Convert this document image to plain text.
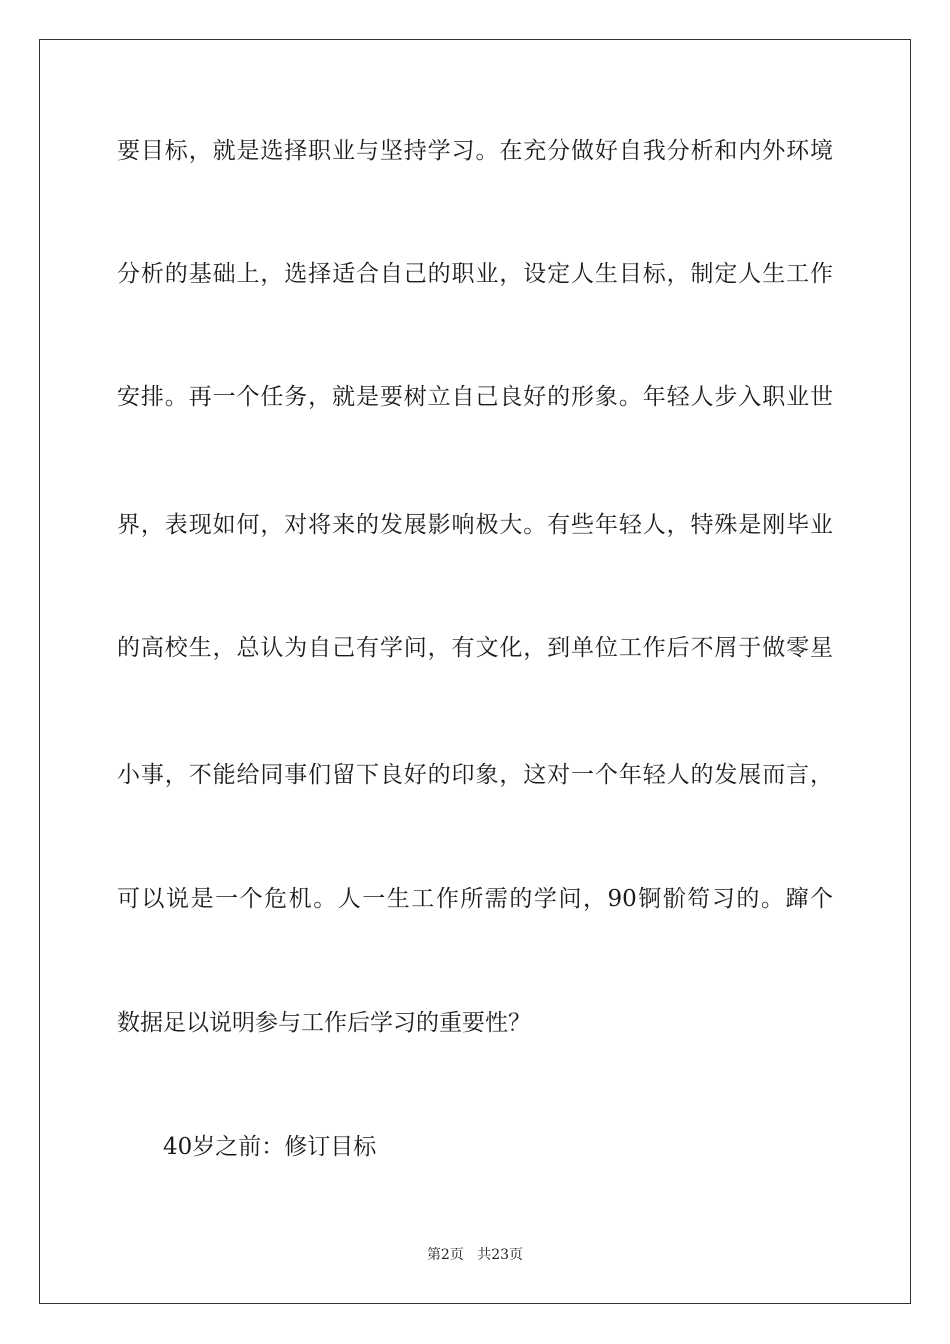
要目标，就是选择职业与坚持学习。在充分做好自我分析和内外环境
分析的基础上，选择适合自己的职业，设定人生目标，制定人生工作
安排。再一个任务，就是要树立自己良好的形象。年轻人步入职业世
界，表现如何，对将来的发展影响极大。有些年轻人，特殊是刚毕业
的高校生，总认为自己有学问，有文化，到单位工作后不屑于做零星
小事，不能给同事们留下良好的印象，这对一个年轻人的发展而言，
可以说是一个危机。人一生工作所需的学问，90锕骱笱习的。蹿个
数据足以说明参与工作后学习的重要性？
40岁之前：修订目标
第2页 共23页
